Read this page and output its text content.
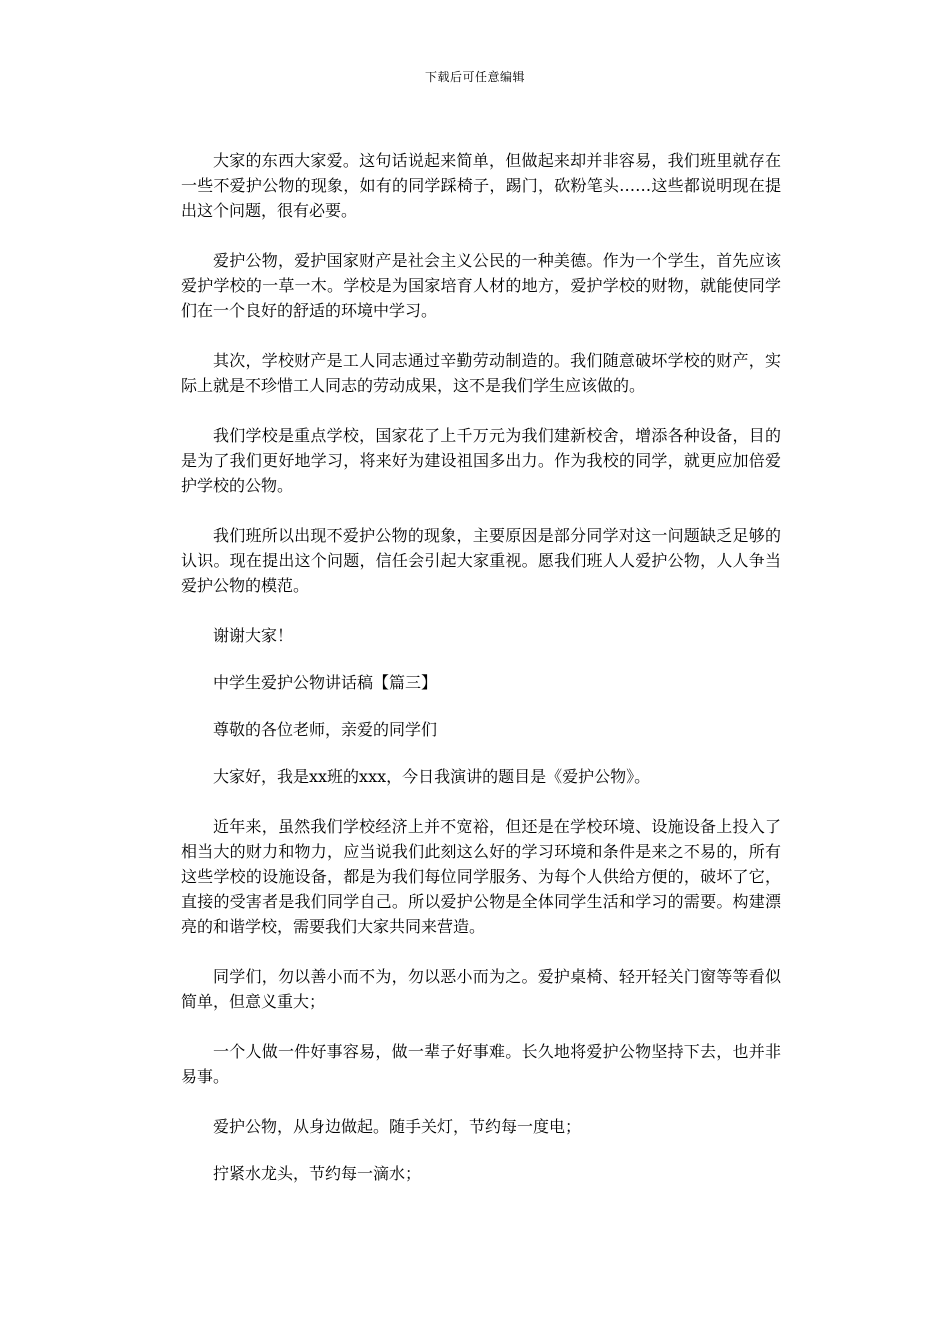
下载后可任意编辑

大家的东西大家爱。这句话说起来简单，但做起来却并非容易，我们班里就存在一些不爱护公物的现象，如有的同学踩椅子，踢门，砍粉笔头……这些都说明现在提出这个问题，很有必要。

爱护公物，爱护国家财产是社会主义公民的一种美德。作为一个学生，首先应该爱护学校的一草一木。学校是为国家培育人材的地方，爱护学校的财物，就能使同学们在一个良好的舒适的环境中学习。

其次，学校财产是工人同志通过辛勤劳动制造的。我们随意破坏学校的财产，实际上就是不珍惜工人同志的劳动成果，这不是我们学生应该做的。

我们学校是重点学校，国家花了上千万元为我们建新校舍，增添各种设备，目的是为了我们更好地学习，将来好为建设祖国多出力。作为我校的同学，就更应加倍爱护学校的公物。

我们班所以出现不爱护公物的现象，主要原因是部分同学对这一问题缺乏足够的认识。现在提出这个问题，信任会引起大家重视。愿我们班人人爱护公物，人人争当爱护公物的模范。

谢谢大家！

中学生爱护公物讲话稿【篇三】

尊敬的各位老师，亲爱的同学们

大家好，我是xx班的xxx，今日我演讲的题目是《爱护公物》。

近年来，虽然我们学校经济上并不宽裕，但还是在学校环境、设施设备上投入了相当大的财力和物力，应当说我们此刻这么好的学习环境和条件是来之不易的，所有这些学校的设施设备，都是为我们每位同学服务、为每个人供给方便的，破坏了它，直接的受害者是我们同学自己。所以爱护公物是全体同学生活和学习的需要。构建漂亮的和谐学校，需要我们大家共同来营造。

同学们，勿以善小而不为，勿以恶小而为之。爱护桌椅、轻开轻关门窗等等看似简单，但意义重大；

一个人做一件好事容易，做一辈子好事难。长久地将爱护公物坚持下去，也并非易事。

爱护公物，从身边做起。随手关灯，节约每一度电；

拧紧水龙头，节约每一滴水；
